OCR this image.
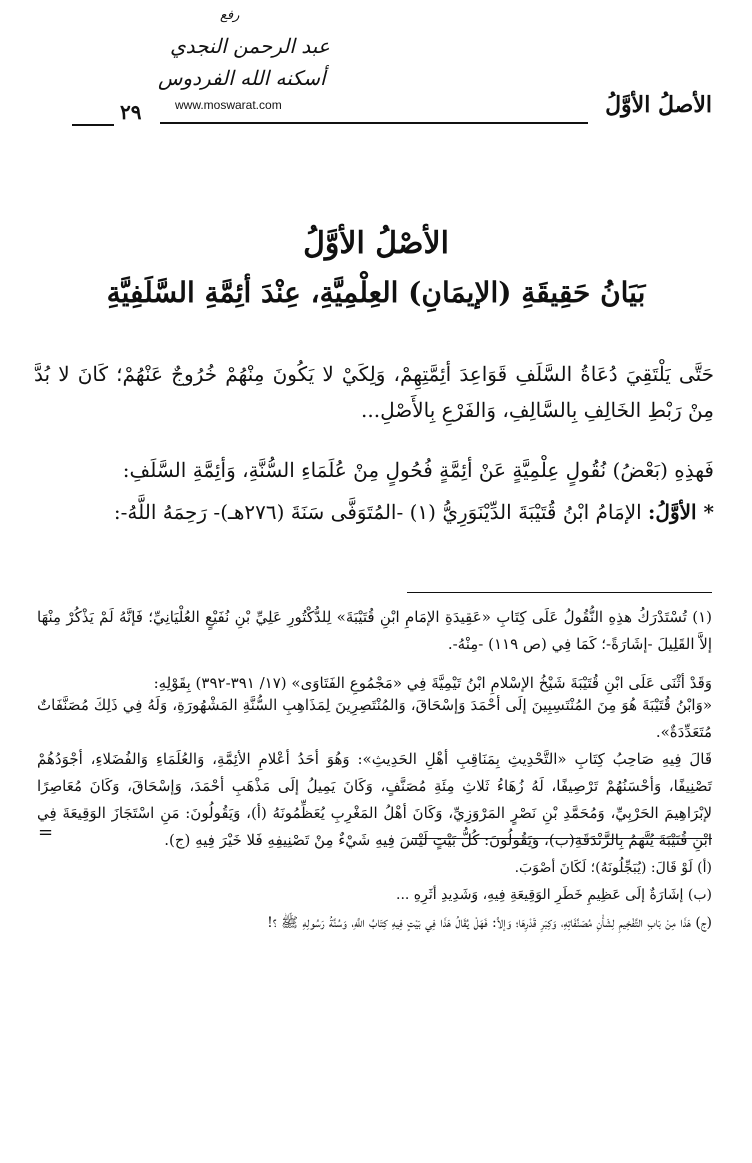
رفع
عبد الرحمن النجدي
أسكنه الله الفردوس
www.moswarat.com	الأصلُ الأوَّلُ
٢٩
الأصْلُ الأوَّلُ
بَيَانُ حَقِيقَةِ (الإيمَانِ) العِلْمِيَّةِ، عِنْدَ أئِمَّةِ السَّلَفِيَّةِ
حَتَّى يَلْتَقِيَ دُعَاةُ السَّلَفِ قَوَاعِدَ أئِمَّتِهِمْ، وَلِكَيْ لا يَكُونَ مِنْهُمْ خُرُوجٌ عَنْهُمْ؛ كَانَ لا بُدَّ مِنْ رَبْطِ الخَالِفِ بِالسَّالِفِ، وَالفَرْعِ بِالأَصْلِ...
فَهذِهِ (بَعْضُ) نُقُولٍ عِلْمِيَّةٍ عَنْ أئِمَّةٍ فُحُولٍ مِنْ عُلَمَاءِ السُّنَّةِ، وَأئِمَّةِ السَّلَفِ:
* الأوَّلُ: الإمَامُ ابْنُ قُتَيْبَةَ الدِّيْنَوَرِيُّ (١) -المُتَوَفَّى سَنَةَ (٢٧٦هـ)- رَحِمَهُ اللَّهُ-:
(١) تُسْتَدْرَكُ هذِهِ النُّقُولُ عَلَى كِتَابِ «عَقِيدَةِ الإمَامِ ابْنِ قُتَيْبَةَ» لِلدُّكْتُورِ عَلِيِّ بْنِ نُفَيْعٍ العُلْيَانِيِّ؛ فَإنَّهُ لَمْ يَذْكُرْ مِنْهَا إلاَّ القَلِيلَ -إشَارَةً-؛ كَمَا فِي (ص ١١٩) -مِنْهُ-.
وَقَدْ أثْنَى عَلَى ابْنِ قُتَيْبَةَ شَيْخُ الإسْلامِ ابْنُ تَيْمِيَّةَ فِي «مَجْمُوعِ الفَتَاوَى» (١٧/ ٣٩١-٣٩٢) بِقَوْلِهِ:
«وَابْنُ قُتَيْبَةَ هُوَ مِنَ المُنْتَسِبِينَ إلَى أحْمَدَ وَإسْحَاقَ، وَالمُنْتَصِرِينَ لِمَذَاهِبِ السُّنَّةِ المَشْهُورَةِ، وَلَهُ فِي ذَلِكَ مُصَنَّفَاتٌ مُتَعَدِّدَةٌ».
قَالَ فِيهِ صَاحِبُ كِتَابِ «التَّحْدِيثِ بِمَنَاقِبِ أهْلِ الحَدِيثِ»: وَهُوَ أحَدُ أعْلامِ الأئِمَّةِ، وَالعُلَمَاءِ وَالفُضَلاءِ، أجْوَدُهُمْ تَصْنِيفًا، وَأحْسَنُهُمْ تَرْصِيفًا، لَهُ زُهَاءُ ثَلاثِ مِئَةِ مُصَنَّفٍ، وَكَانَ يَمِيلُ إلَى مَذْهَبِ أحْمَدَ، وَإسْحَاقَ، وَكَانَ مُعَاصِرًا لإبْرَاهِيمَ الحَرْبِيِّ، وَمُحَمَّدِ بْنِ نَصْرٍ المَرْوَزِيِّ، وَكَانَ أهْلُ المَغْرِبِ يُعَظِّمُونَهُ (أ)، وَيَقُولُونَ: مَنِ اسْتَجَازَ الوَقِيعَةَ فِي ابْنِ قُتَيْبَةَ يُتَّهَمُ بِالزَّنْدَقَةِ(ب)، وَيَقُولُونَ: كُلُّ بَيْتٍ لَيْسَ فِيهِ شَيْءٌ مِنْ تَصْنِيفِهِ فَلا خَيْرَ فِيهِ (ج).
=
(أ) لَوْ قَالَ: (يُبَجِّلُونَهُ)؛ لَكَانَ أصْوَبَ.
(ب) إشَارَةٌ إلَى عَظِيمِ خَطَرِ الوَقِيعَةِ فِيهِ، وَشَدِيدِ أثَرِهِ ...
(ج) هَذَا مِنْ بَابِ التَّفْخِيمِ لِشَأْنِ مُصَنَّفَاتِهِ، وَكِبَرِ قَدْرِهَا؛ وَإلاَّ: فَهَلْ يُقَالُ هَذَا فِي بَيْتٍ فِيهِ كِتَابُ اللَّهِ، وَسُنَّةُ رَسُولِهِ ﷺ ؟!
